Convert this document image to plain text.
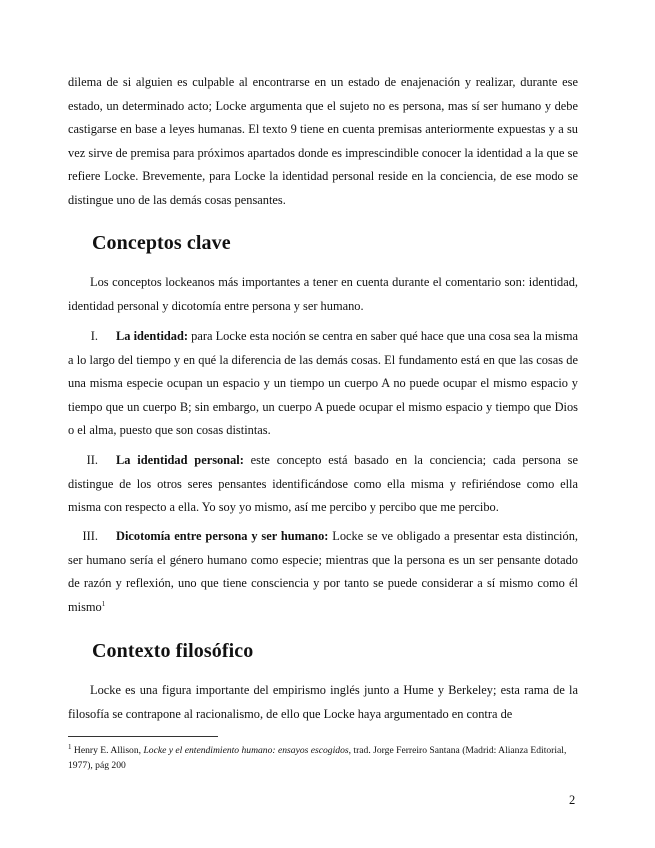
dilema de si alguien es culpable al encontrarse en un estado de enajenación y realizar, durante ese estado, un determinado acto; Locke argumenta que el sujeto no es persona, mas sí ser humano y debe castigarse en base a leyes humanas. El texto 9 tiene en cuenta premisas anteriormente expuestas y a su vez sirve de premisa para próximos apartados donde es imprescindible conocer la identidad a la que se refiere Locke. Brevemente, para Locke la identidad personal reside en la conciencia, de ese modo se distingue uno de las demás cosas pensantes.

Conceptos clave

Los conceptos lockeanos más importantes a tener en cuenta durante el comentario son: identidad, identidad personal y dicotomía entre persona y ser humano.

I. La identidad: para Locke esta noción se centra en saber qué hace que una cosa sea la misma a lo largo del tiempo y en qué la diferencia de las demás cosas. El fundamento está en que las cosas de una misma especie ocupan un espacio y un tiempo un cuerpo A no puede ocupar el mismo espacio y tiempo que un cuerpo B; sin embargo, un cuerpo A puede ocupar el mismo espacio y tiempo que Dios o el alma, puesto que son cosas distintas.

II. La identidad personal: este concepto está basado en la conciencia; cada persona se distingue de los otros seres pensantes identificándose como ella misma y refiriéndose como ella misma con respecto a ella. Yo soy yo mismo, así me percibo y percibo que me percibo.

III. Dicotomía entre persona y ser humano: Locke se ve obligado a presentar esta distinción, ser humano sería el género humano como especie; mientras que la persona es un ser pensante dotado de razón y reflexión, uno que tiene consciencia y por tanto se puede considerar a sí mismo como él mismo$^1$

Contexto filosófico

Locke es una figura importante del empirismo inglés junto a Hume y Berkeley; esta rama de la filosofía se contrapone al racionalismo, de ello que Locke haya argumentado en contra de

$^1$ Henry E. Allison, Locke y el entendimiento humano: ensayos escogidos, trad. Jorge Ferreiro Santana (Madrid: Alianza Editorial, 1977), pág 200

2
